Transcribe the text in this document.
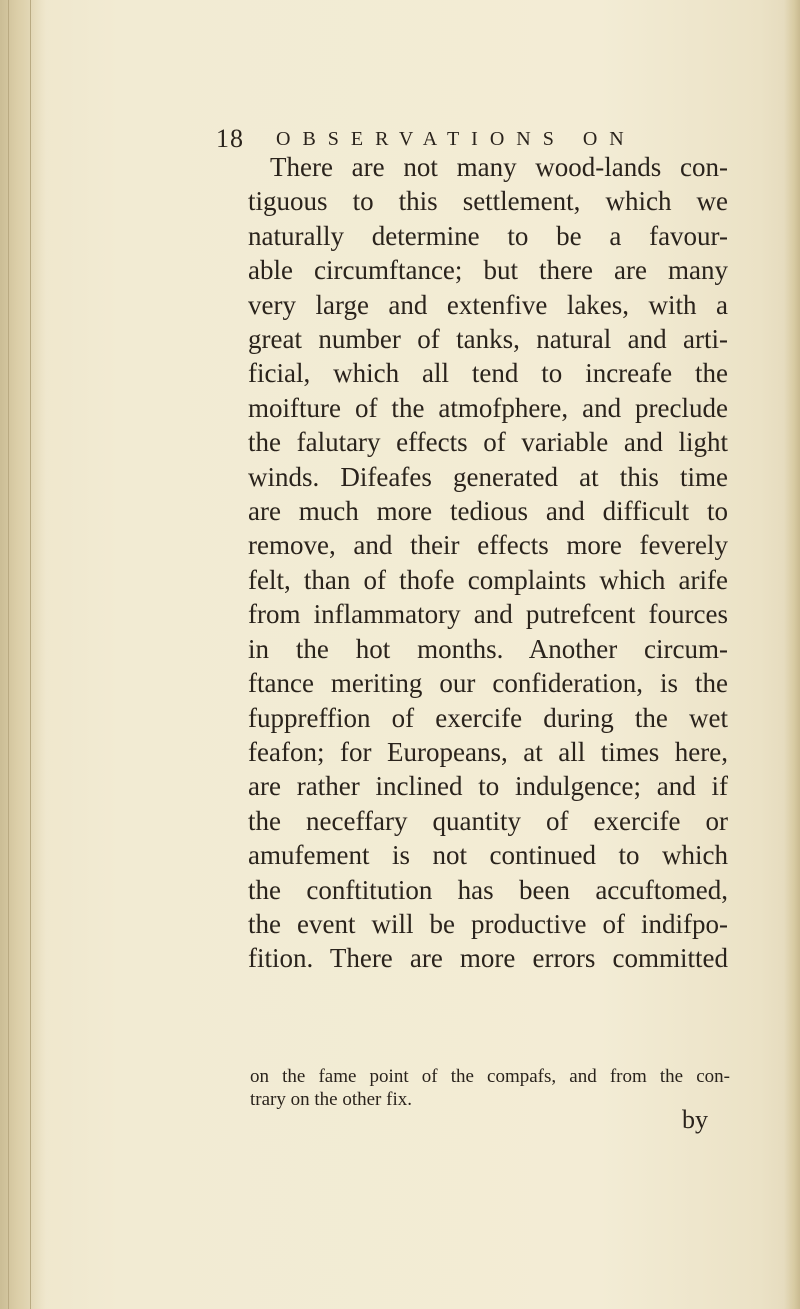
18 OBSERVATIONS ON
There are not many wood-lands con-
tiguous to this settlement, which we
naturally determine to be a favour-
able circumftance; but there are many
very large and extenfive lakes, with a
great number of tanks, natural and arti-
ficial, which all tend to increafe the
moifture of the atmofphere, and preclude
the falutary effects of variable and light
winds. Difeafes generated at this time
are much more tedious and difficult to
remove, and their effects more feverely
felt, than of thofe complaints which arife
from inflammatory and putrefcent fources
in the hot months. Another circum-
ftance meriting our confideration, is the
fuppreffion of exercife during the wet
feafon; for Europeans, at all times here,
are rather inclined to indulgence; and if
the neceffary quantity of exercife or
amufement is not continued to which
the conftitution has been accuftomed,
the event will be productive of indifpo-
fition. There are more errors committed
on the fame point of the compafs, and from the con-
trary on the other fix.
by
